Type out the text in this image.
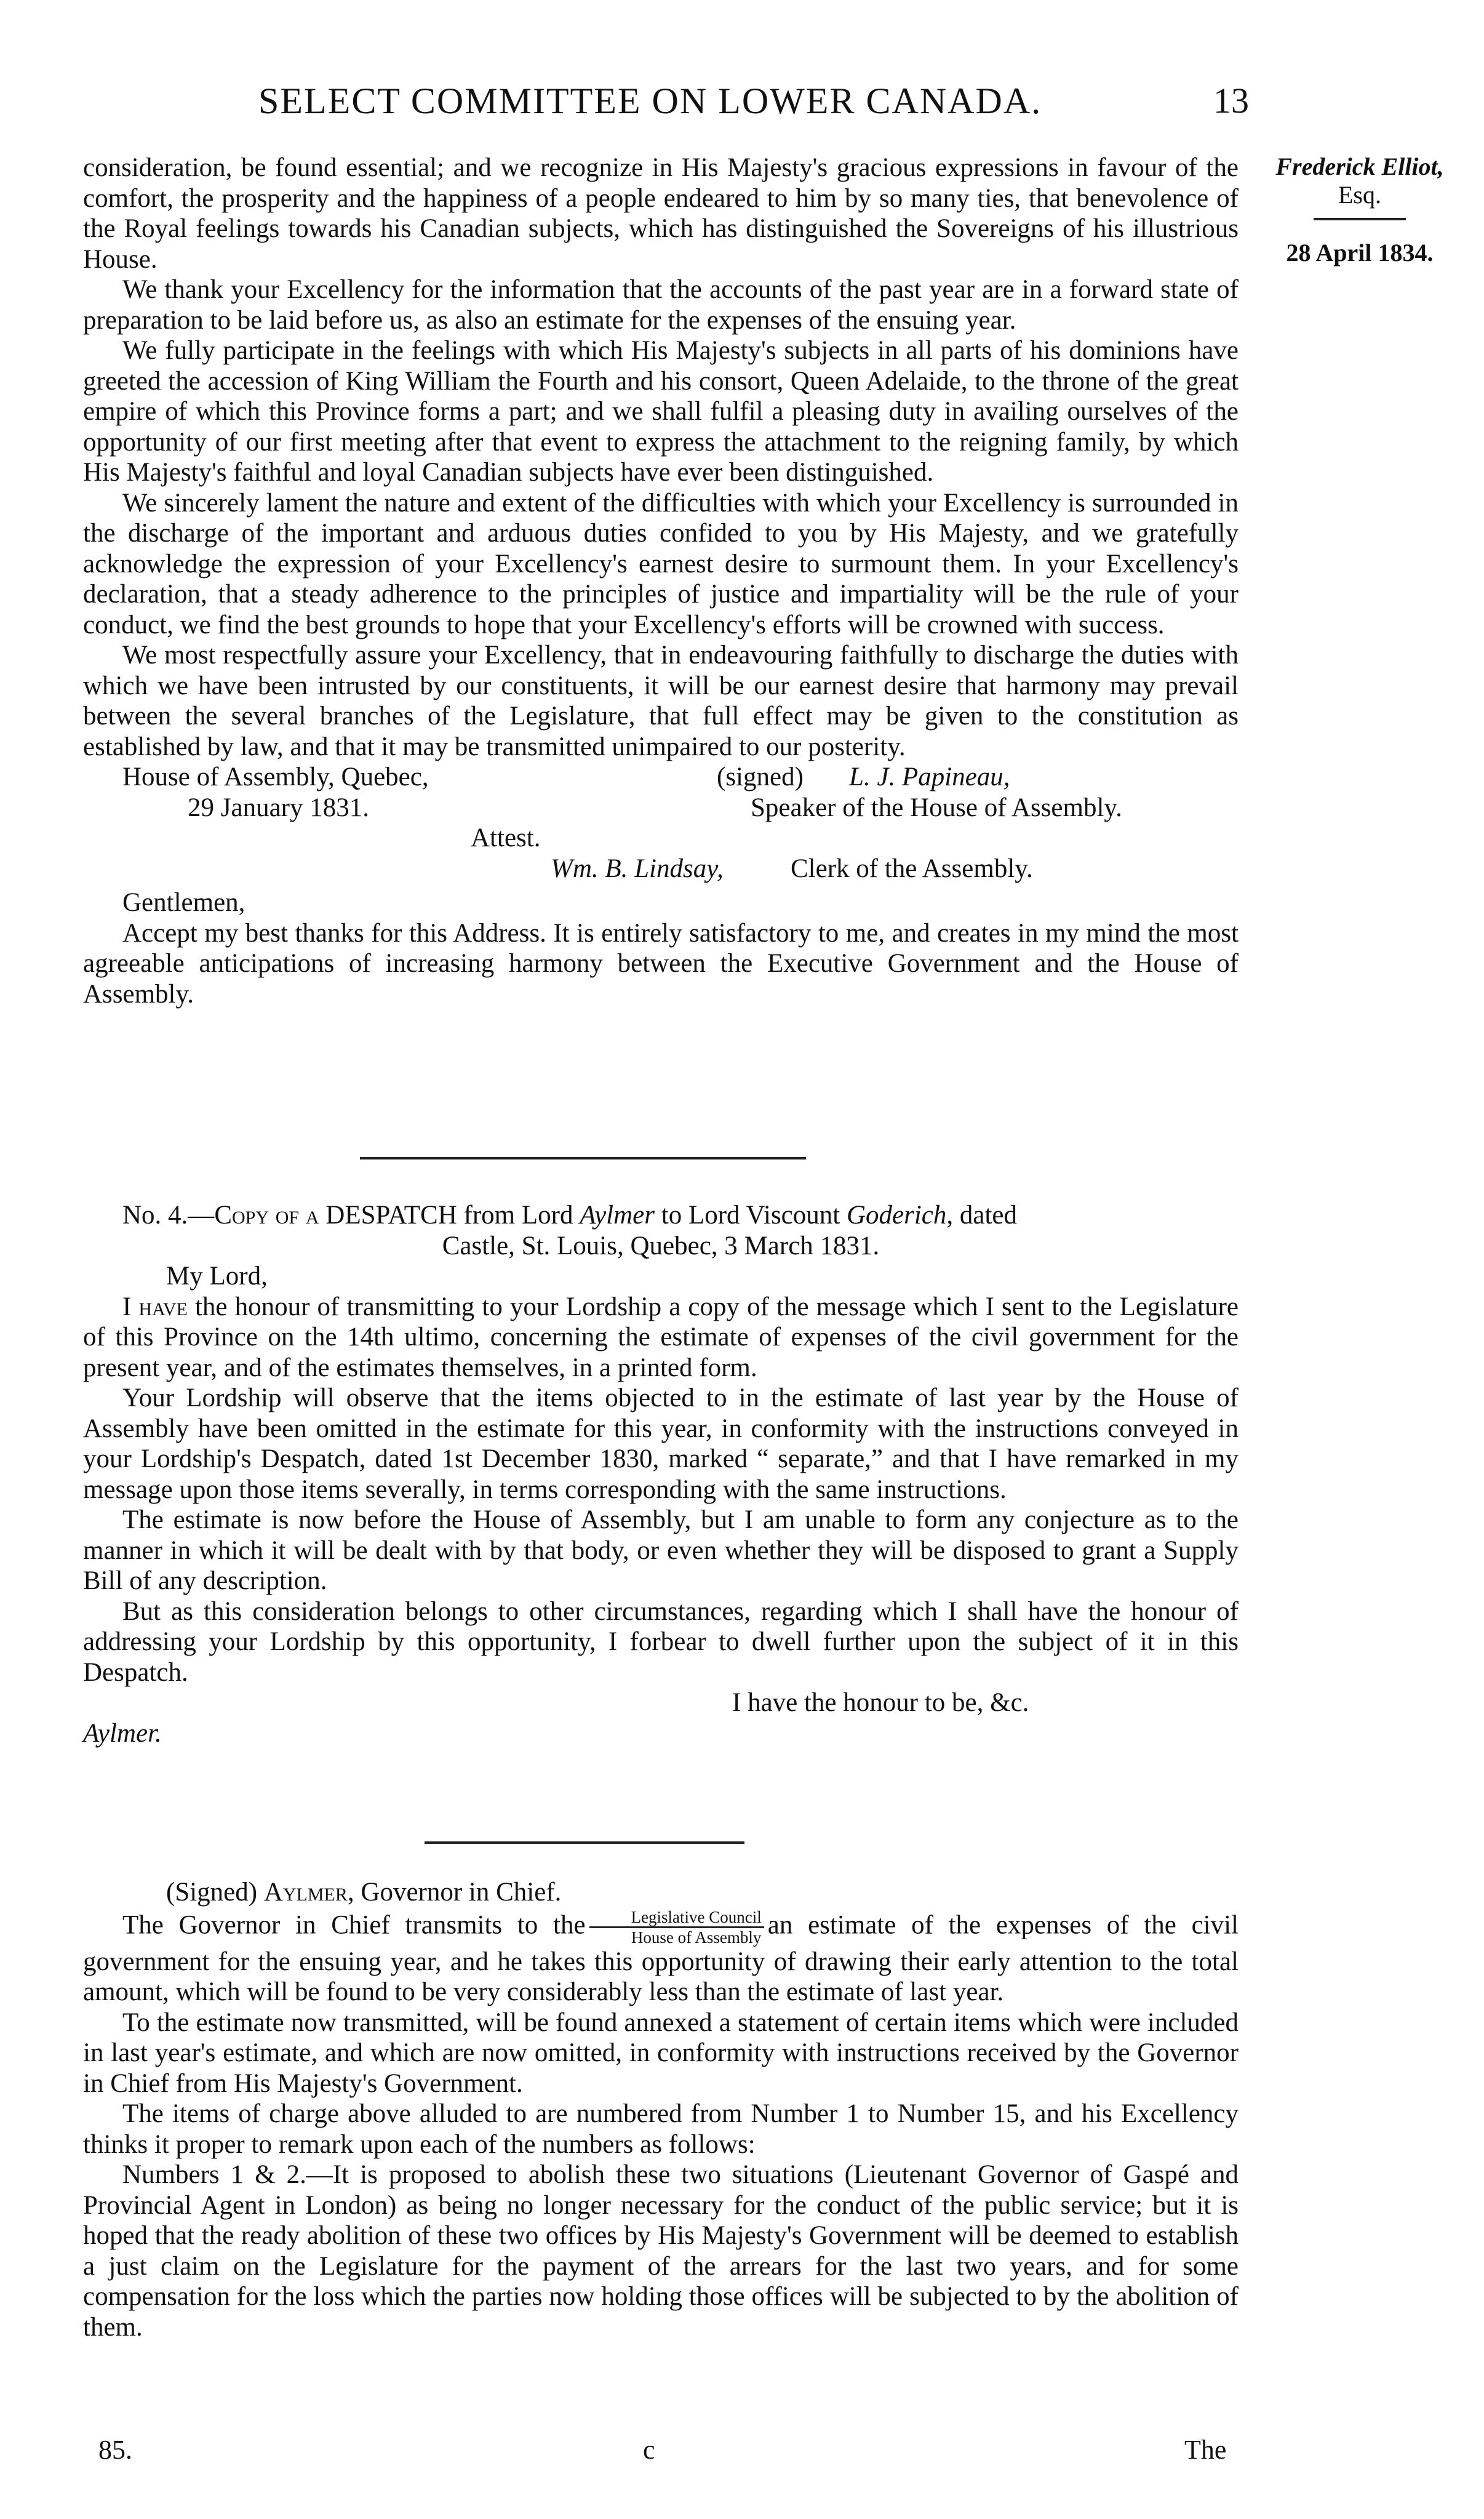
SELECT COMMITTEE ON LOWER CANADA.	13
Frederick Elliot,
Esq.
28 April 1834.

consideration, be found essential; and we recognize in His Majesty's gracious expressions in favour of the comfort, the prosperity and the happiness of a people endeared to him by so many ties, that benevolence of the Royal feelings towards his Canadian subjects, which has distinguished the Sovereigns of his illustrious House.

We thank your Excellency for the information that the accounts of the past year are in a forward state of preparation to be laid before us, as also an estimate for the expenses of the ensuing year.

We fully participate in the feelings with which His Majesty's subjects in all parts of his dominions have greeted the accession of King William the Fourth and his consort, Queen Adelaide, to the throne of the great empire of which this Province forms a part; and we shall fulfil a pleasing duty in availing ourselves of the opportunity of our first meeting after that event to express the attachment to the reigning family, by which His Majesty's faithful and loyal Canadian subjects have ever been distinguished.

We sincerely lament the nature and extent of the difficulties with which your Excellency is surrounded in the discharge of the important and arduous duties confided to you by His Majesty, and we gratefully acknowledge the expression of your Excellency's earnest desire to surmount them. In your Excellency's declaration, that a steady adherence to the principles of justice and impartiality will be the rule of your conduct, we find the best grounds to hope that your Excellency's efforts will be crowned with success.

We most respectfully assure your Excellency, that in endeavouring faithfully to discharge the duties with which we have been intrusted by our constituents, it will be our earnest desire that harmony may prevail between the several branches of the Legislature, that full effect may be given to the constitution as established by law, and that it may be transmitted unimpaired to our posterity.

House of Assembly, Quebec,	(signed) L. J. Papineau,
29 January 1831.	Speaker of the House of Assembly.
Attest.
Wm. B. Lindsay,	Clerk of the Assembly.

Gentlemen,

Accept my best thanks for this Address. It is entirely satisfactory to me, and creates in my mind the most agreeable anticipations of increasing harmony between the Executive Government and the House of Assembly.

No. 4.—Copy of a DESPATCH from Lord Aylmer to Lord Viscount Goderich, dated

Castle, St. Louis, Quebec, 3 March 1831.

My Lord,

I have the honour of transmitting to your Lordship a copy of the message which I sent to the Legislature of this Province on the 14th ultimo, concerning the estimate of expenses of the civil government for the present year, and of the estimates themselves, in a printed form.

Your Lordship will observe that the items objected to in the estimate of last year by the House of Assembly have been omitted in the estimate for this year, in conformity with the instructions conveyed in your Lordship's Despatch, dated 1st December 1830, marked “ separate,” and that I have remarked in my message upon those items severally, in terms corresponding with the same instructions.

The estimate is now before the House of Assembly, but I am unable to form any conjecture as to the manner in which it will be dealt with by that body, or even whether they will be disposed to grant a Supply Bill of any description.

But as this consideration belongs to other circumstances, regarding which I shall have the honour of addressing your Lordship by this opportunity, I forbear to dwell further upon the subject of it in this Despatch.

I have the honour to be, &c.

Aylmer.

(Signed) Aylmer, Governor in Chief.

The Governor in Chief transmits to the $\frac{\text{Legislative Council}}{\text{House of Assembly}}$ an estimate of the expenses of the civil government for the ensuing year, and he takes this opportunity of drawing their early attention to the total amount, which will be found to be very considerably less than the estimate of last year.

To the estimate now transmitted, will be found annexed a statement of certain items which were included in last year's estimate, and which are now omitted, in conformity with instructions received by the Governor in Chief from His Majesty's Government.

The items of charge above alluded to are numbered from Number 1 to Number 15, and his Excellency thinks it proper to remark upon each of the numbers as follows:

Numbers 1 & 2.—It is proposed to abolish these two situations (Lieutenant Governor of Gaspé and Provincial Agent in London) as being no longer necessary for the conduct of the public service; but it is hoped that the ready abolition of these two offices by His Majesty's Government will be deemed to establish a just claim on the Legislature for the payment of the arrears for the last two years, and for some compensation for the loss which the parties now holding those offices will be subjected to by the abolition of them.

85.	c	The
